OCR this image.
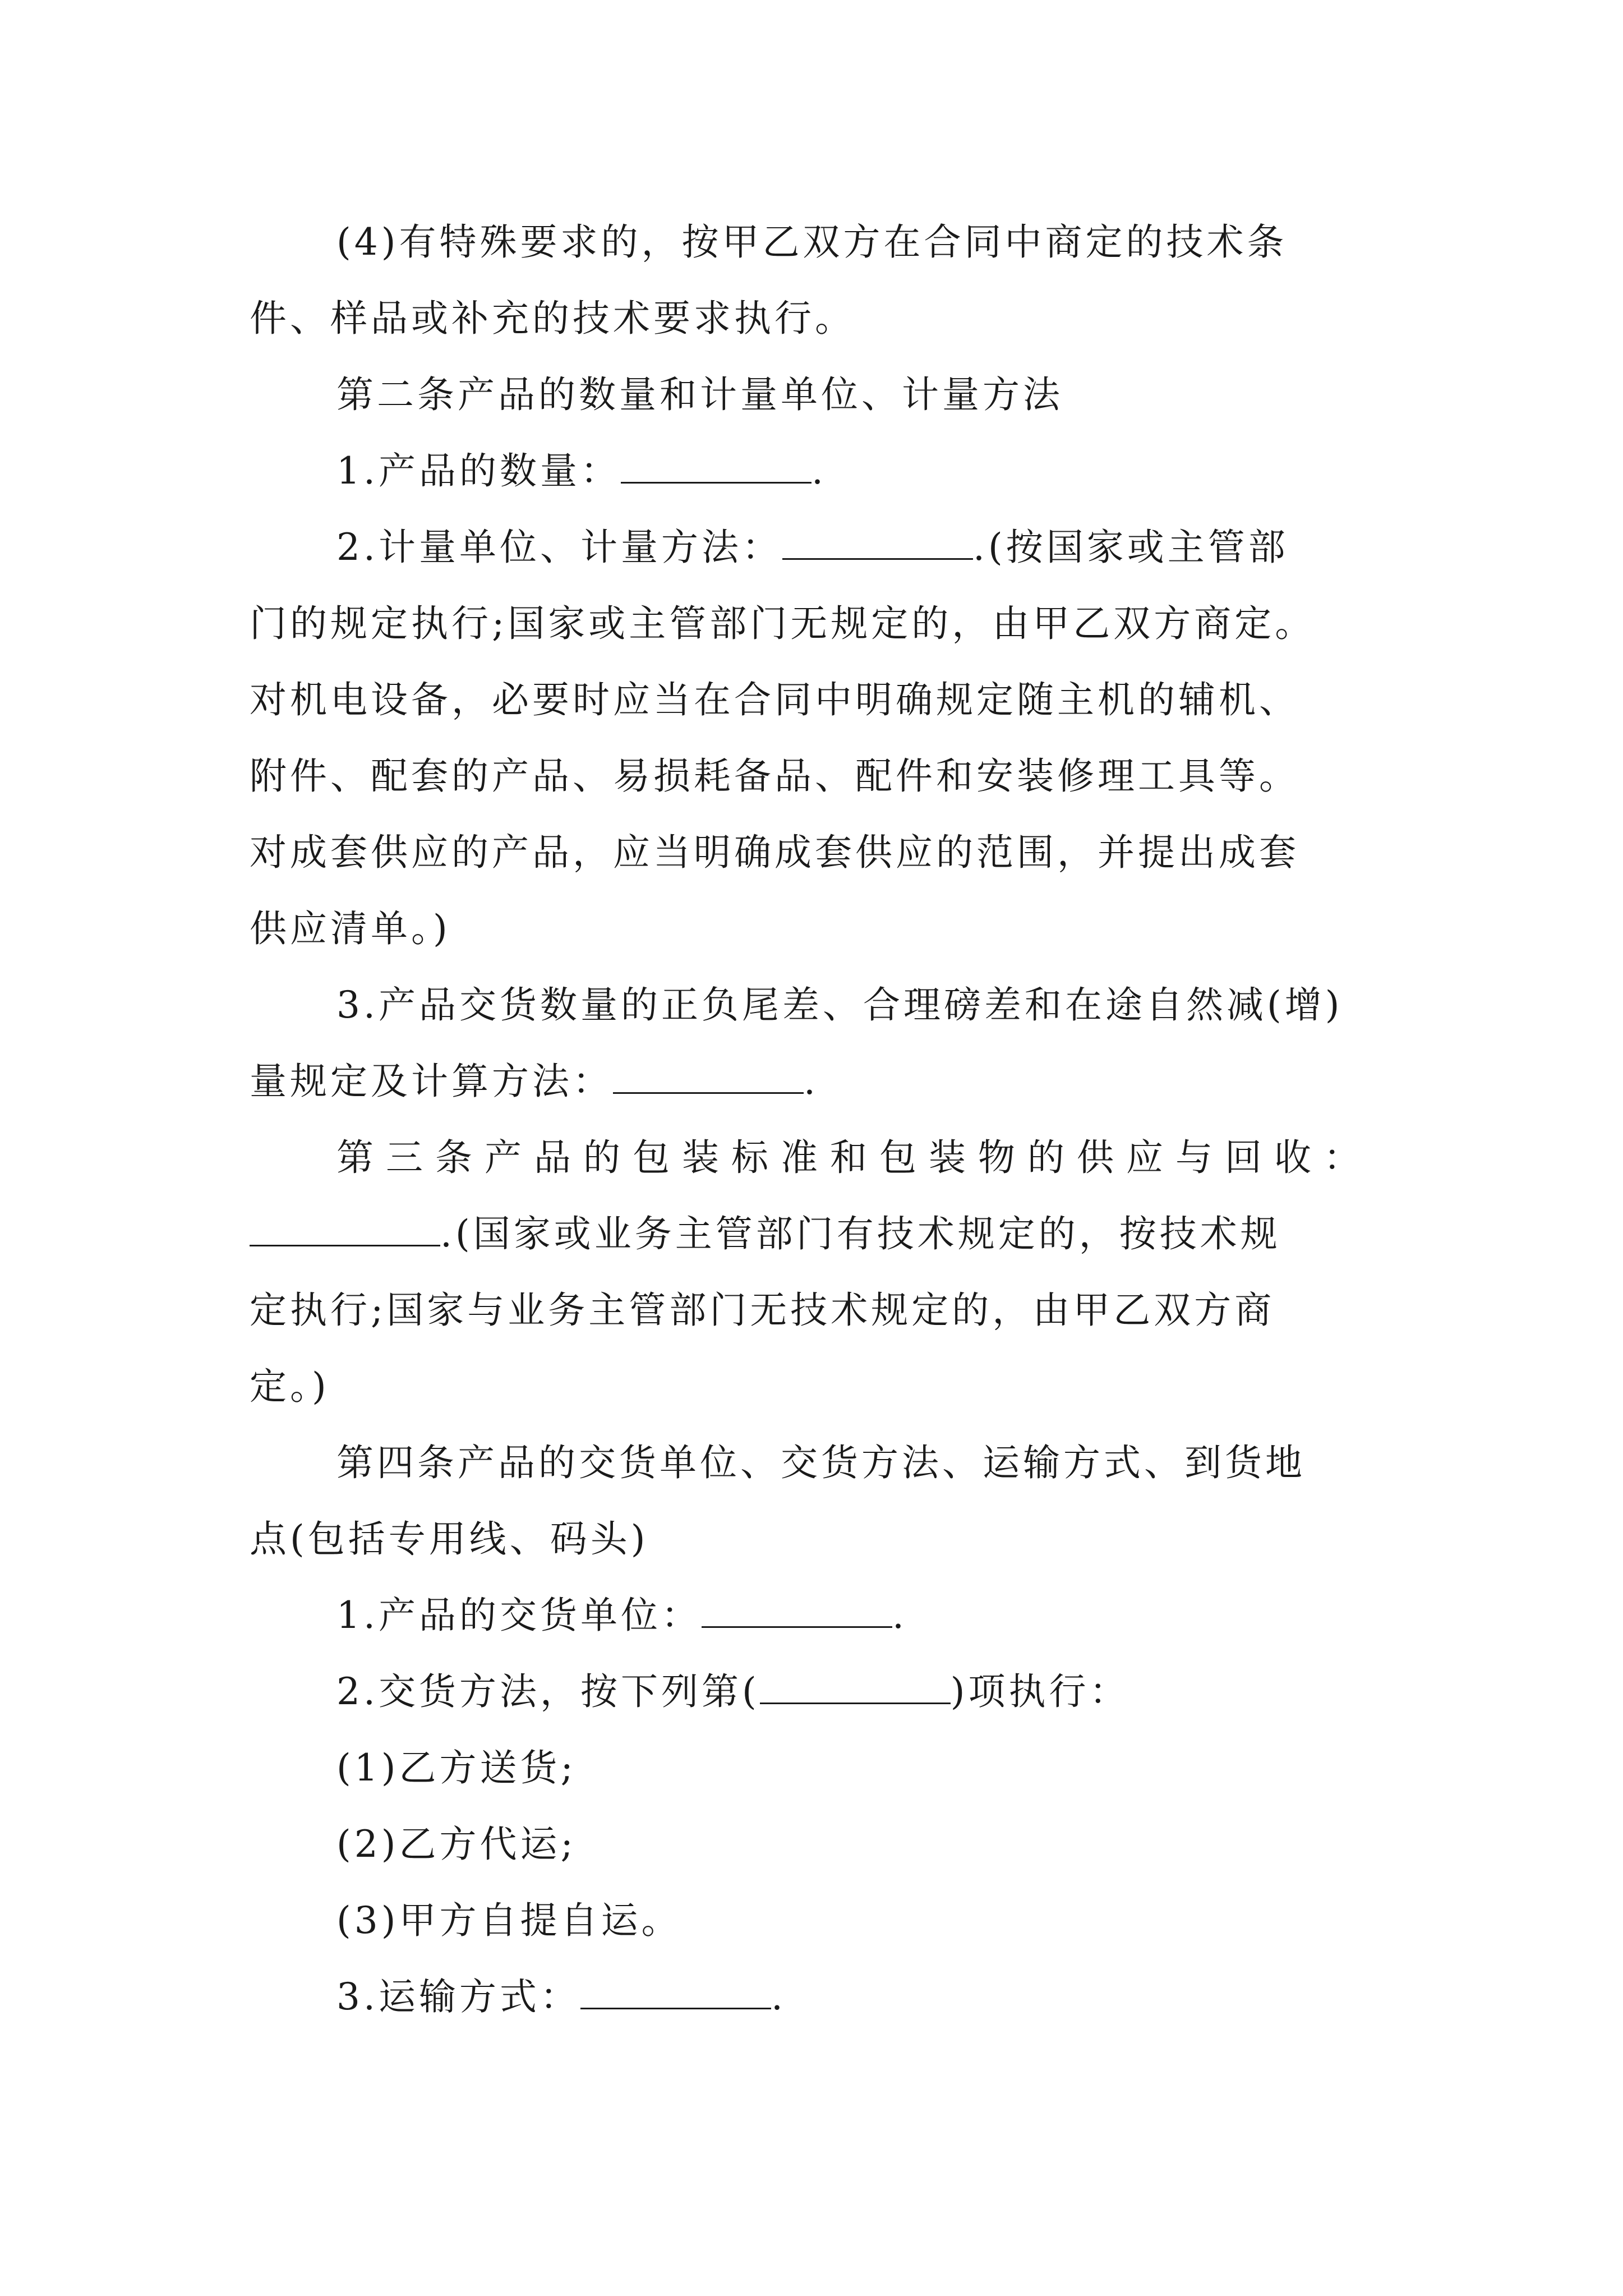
(4)有特殊要求的，按甲乙双方在合同中商定的技术条
件、样品或补充的技术要求执行。
第二条产品的数量和计量单位、计量方法
1.产品的数量：	.
2.计量单位、计量方法：	.(按国家或主管部
门的规定执行;国家或主管部门无规定的，由甲乙双方商定。
对机电设备，必要时应当在合同中明确规定随主机的辅机、
附件、配套的产品、易损耗备品、配件和安装修理工具等。
对成套供应的产品，应当明确成套供应的范围，并提出成套
供应清单。)
3.产品交货数量的正负尾差、合理磅差和在途自然减(增)
量规定及计算方法：	.
第三条产品的包装标准和包装物的供应与回收：
.(国家或业务主管部门有技术规定的，按技术规
定执行;国家与业务主管部门无技术规定的，由甲乙双方商
定。)
第四条产品的交货单位、交货方法、运输方式、到货地
点(包括专用线、码头)
1.产品的交货单位：	.
2.交货方法，按下列第(	)项执行：
(1)乙方送货;
(2)乙方代运;
(3)甲方自提自运。
3.运输方式：	.
